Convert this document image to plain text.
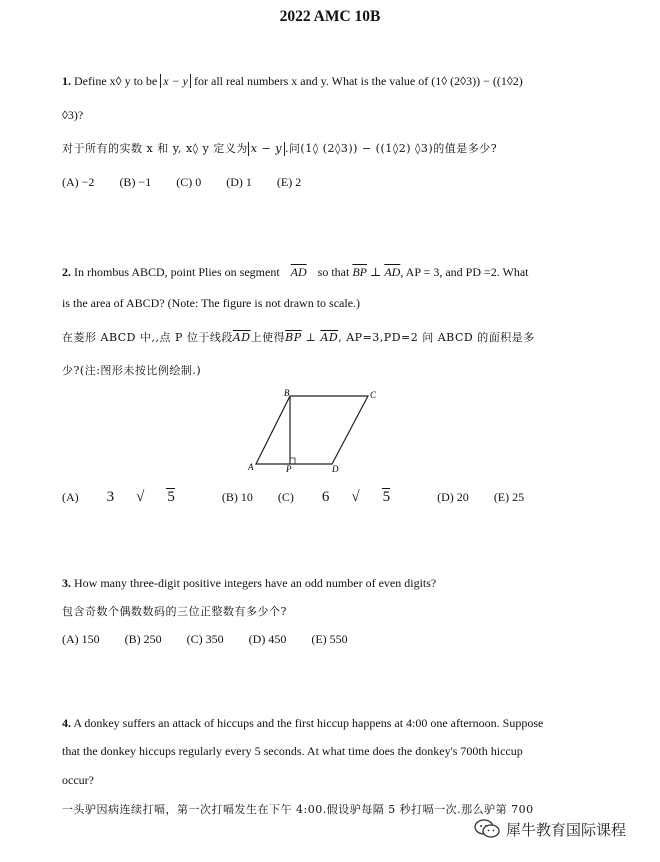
2022 AMC 10B
1. Define x◊ y to be x − y for all real numbers x and y. What is the value of (1◊ (2◊3)) − ((1◊2)
◊3)?
对于所有的实数 x 和 y, x◊ y 定义为 x − y .问(1◊ (2◊3)) − ((1◊2) ◊3)的值是多少?
(A) −2 (B) −1 (C) 0 (D) 1 (E) 2
2. In rhombus ABCD, point Plies on segment $\overline{AD}$ so that $\overline{BP}$ ⊥ $\overline{AD}$, AP = 3, and PD =2. What
is the area of ABCD? (Note: The figure is not drawn to scale.)
在菱形 ABCD 中,,点 P 位于线段$\overline{AD}$上使得$\overline{BP}$ ⊥ $\overline{AD}$, AP=3,PD=2 问 ABCD 的面积是多
少?(注:图形未按比例绘制.)
A
B	C
D
P
(A) 3 √ 5	(B) 10 (C) 6 √ 5	(D) 20 (E) 25
3. How many three-digit positive integers have an odd number of even digits?
包含奇数个偶数数码的三位正整数有多少个?
(A) 150 (B) 250 (C) 350 (D) 450 (E) 550
4. A donkey suffers an attack of hiccups and the first hiccup happens at 4:00 one afternoon. Suppose
that the donkey hiccups regularly every 5 seconds. At what time does the donkey's 700th hiccup
occur?
一头驴因病连续打嗝，第一次打嗝发生在下午 4:00.假设驴每隔 5 秒打嗝一次.那么驴第 700
犀牛教育国际课程
